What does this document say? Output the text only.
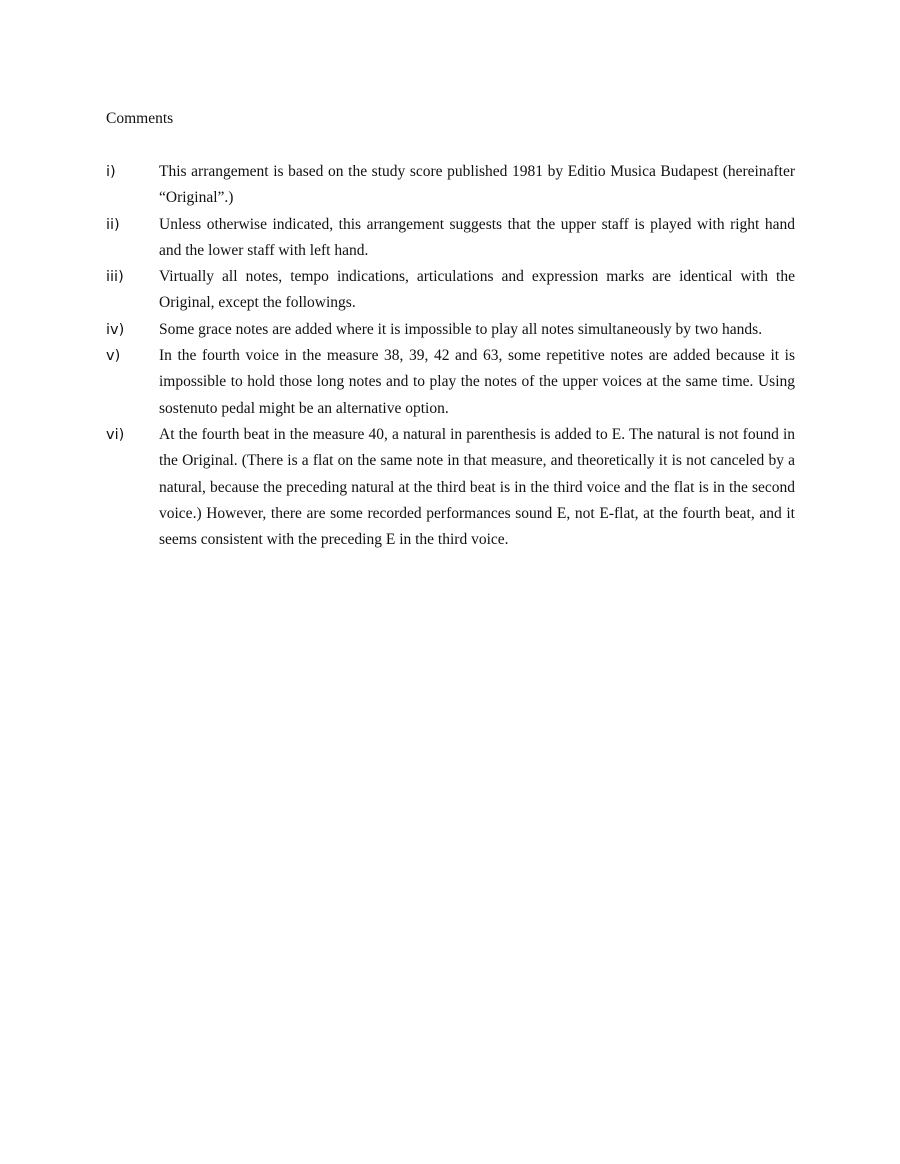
Comments
i)	This arrangement is based on the study score published 1981 by Editio Musica Budapest (hereinafter “Original”.)
ii)	Unless otherwise indicated, this arrangement suggests that the upper staff is played with right hand and the lower staff with left hand.
iii) Virtually all notes, tempo indications, articulations and expression marks are identical with the Original, except the followings.
iv) Some grace notes are added where it is impossible to play all notes simultaneously by two hands.
v)	In the fourth voice in the measure 38, 39, 42 and 63, some repetitive notes are added because it is impossible to hold those long notes and to play the notes of the upper voices at the same time. Using sostenuto pedal might be an alternative option.
vi) At the fourth beat in the measure 40, a natural in parenthesis is added to E. The natural is not found in the Original. (There is a flat on the same note in that measure, and theoretically it is not canceled by a natural, because the preceding natural at the third beat is in the third voice and the flat is in the second voice.) However, there are some recorded performances sound E, not E-flat, at the fourth beat, and it seems consistent with the preceding E in the third voice.
